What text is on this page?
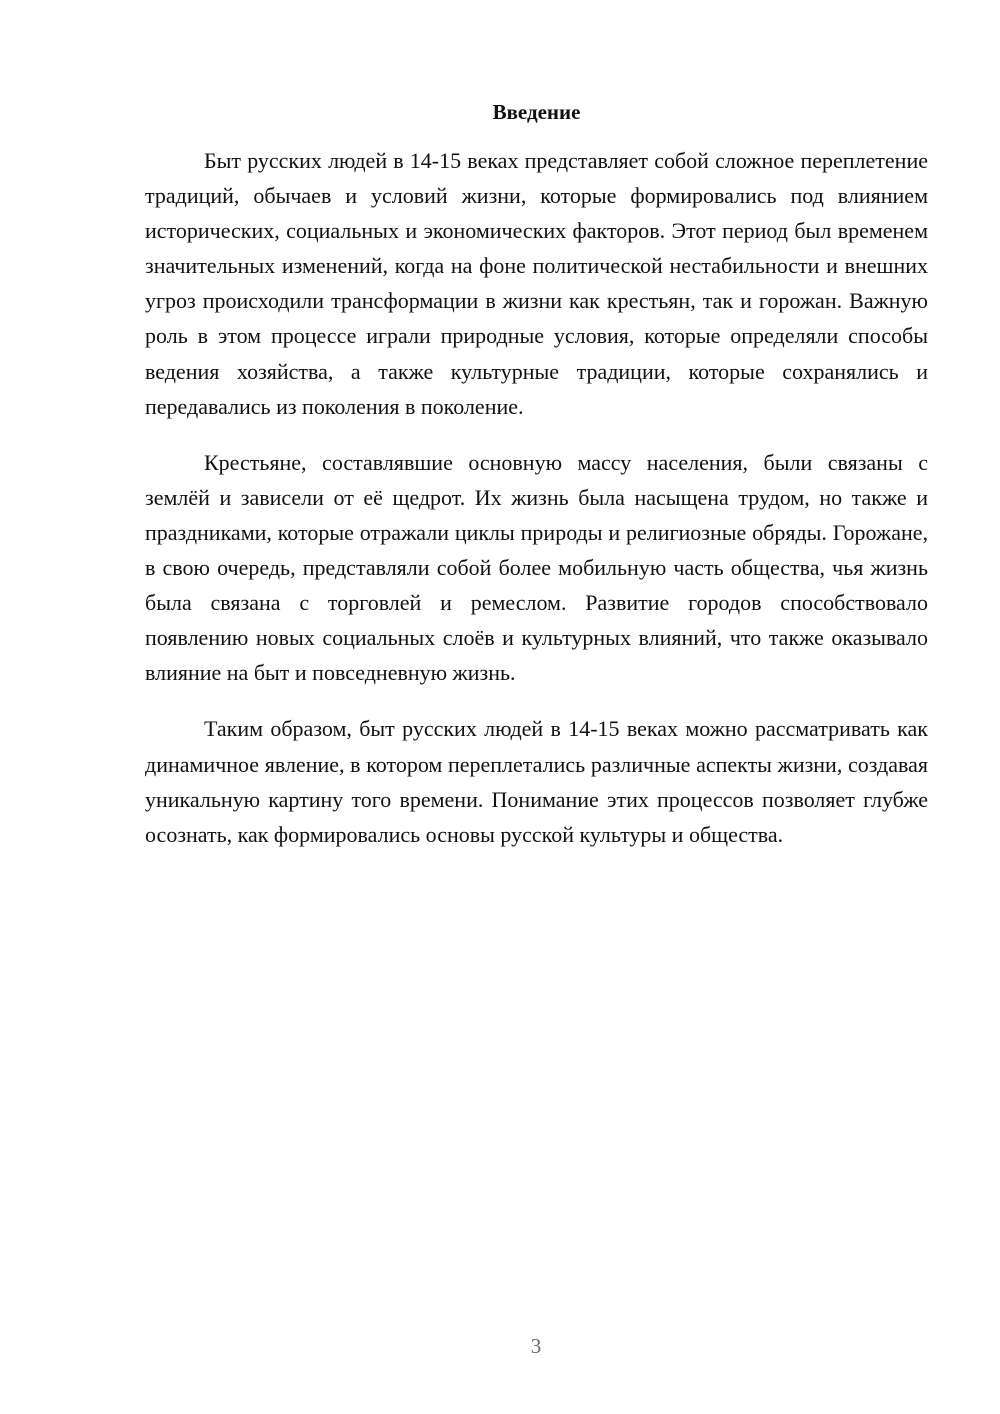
Введение

Быт русских людей в 14-15 веках представляет собой сложное переплетение традиций, обычаев и условий жизни, которые формировались под влиянием исторических, социальных и экономических факторов. Этот период был временем значительных изменений, когда на фоне политической нестабильности и внешних угроз происходили трансформации в жизни как крестьян, так и горожан. Важную роль в этом процессе играли природные условия, которые определяли способы ведения хозяйства, а также культурные традиции, которые сохранялись и передавались из поколения в поколение.

Крестьяне, составлявшие основную массу населения, были связаны с землёй и зависели от её щедрот. Их жизнь была насыщена трудом, но также и праздниками, которые отражали циклы природы и религиозные обряды. Горожане, в свою очередь, представляли собой более мобильную часть общества, чья жизнь была связана с торговлей и ремеслом. Развитие городов способствовало появлению новых социальных слоёв и культурных влияний, что также оказывало влияние на быт и повседневную жизнь.

Таким образом, быт русских людей в 14-15 веках можно рассматривать как динамичное явление, в котором переплетались различные аспекты жизни, создавая уникальную картину того времени. Понимание этих процессов позволяет глубже осознать, как формировались основы русской культуры и общества.

3
